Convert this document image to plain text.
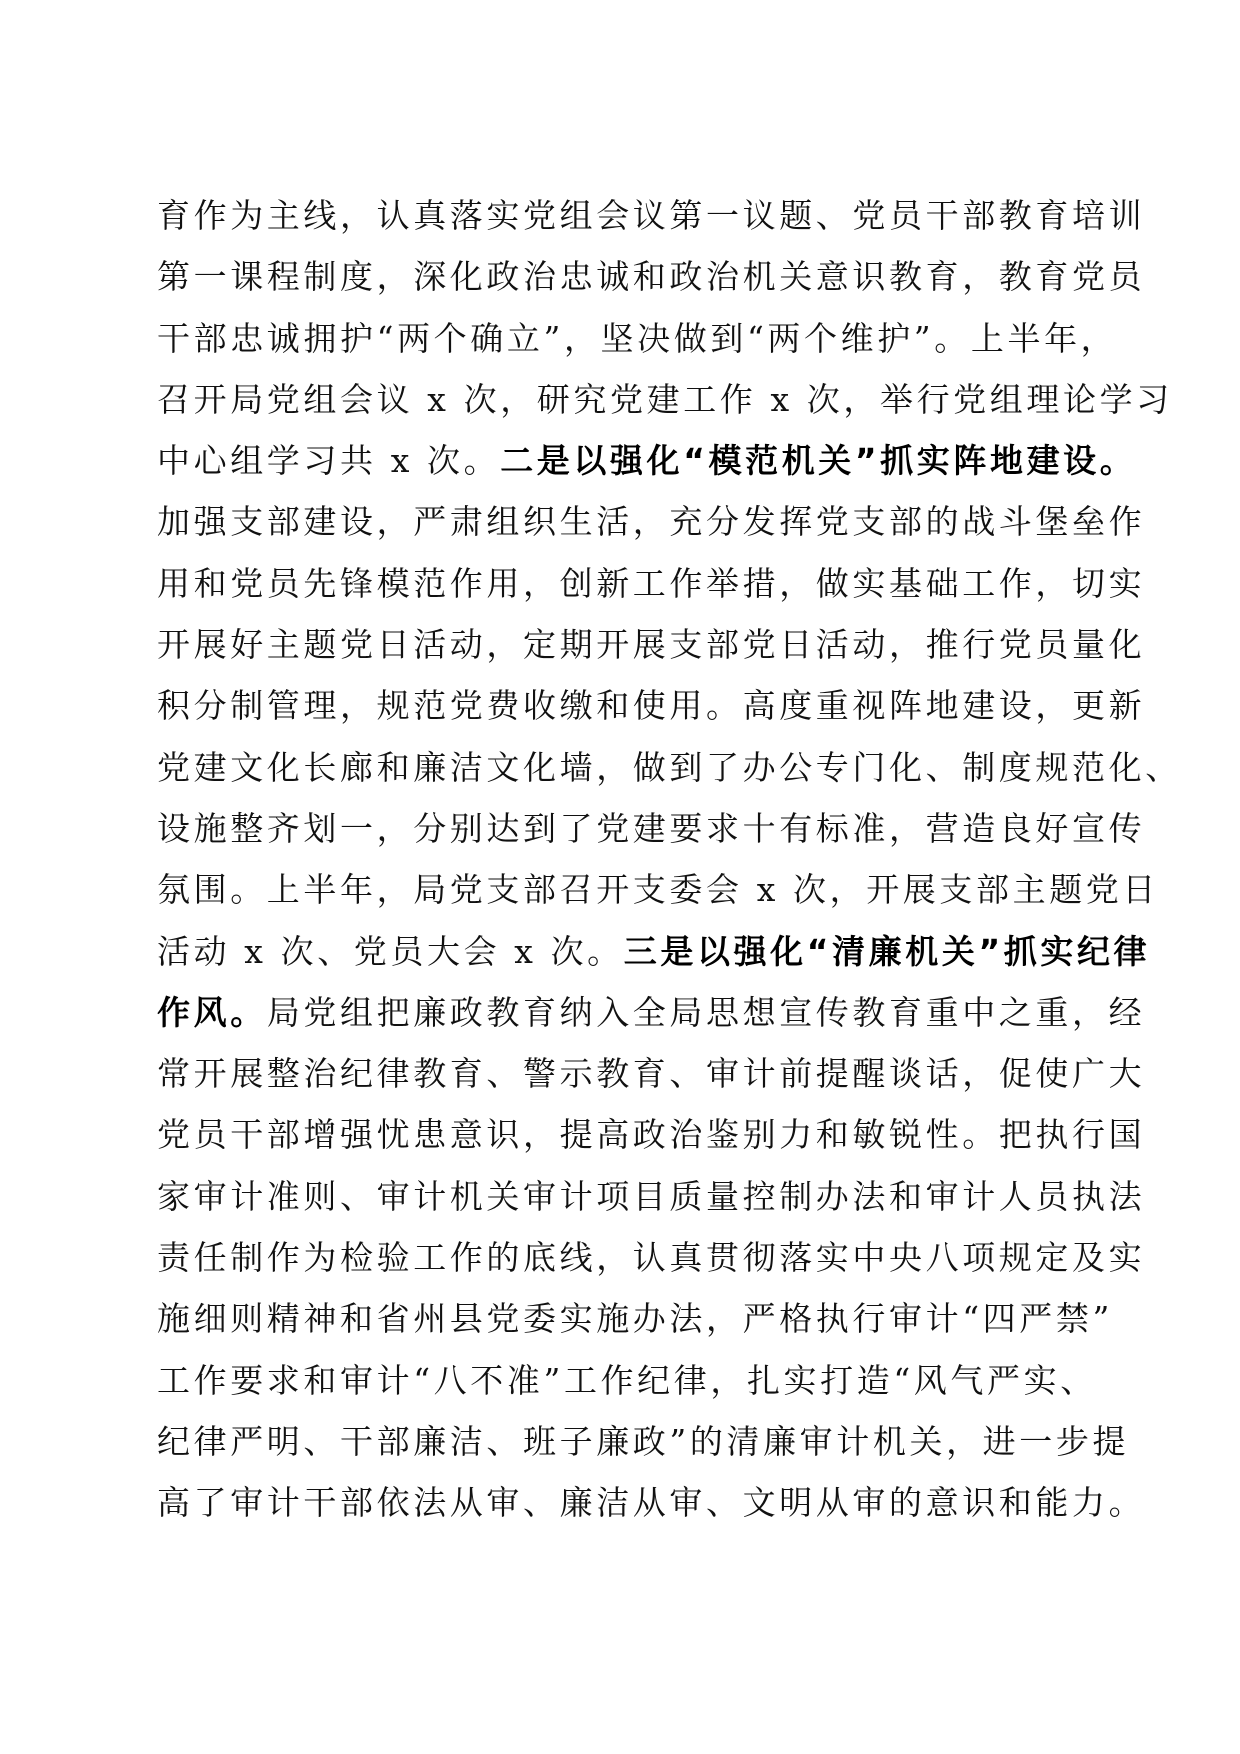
育作为主线，认真落实党组会议第一议题、党员干部教育培训
第一课程制度，深化政治忠诚和政治机关意识教育，教育党员
干部忠诚拥护“两个确立”，坚决做到“两个维护”。上半年，
召开局党组会议 x 次，研究党建工作 x 次，举行党组理论学习
中心组学习共 x 次。二是以强化“模范机关”抓实阵地建设。
加强支部建设，严肃组织生活，充分发挥党支部的战斗堡垒作
用和党员先锋模范作用，创新工作举措，做实基础工作，切实
开展好主题党日活动，定期开展支部党日活动，推行党员量化
积分制管理，规范党费收缴和使用。高度重视阵地建设，更新
党建文化长廊和廉洁文化墙，做到了办公专门化、制度规范化、
设施整齐划一，分别达到了党建要求十有标准，营造良好宣传
氛围。上半年，局党支部召开支委会 x 次，开展支部主题党日
活动 x 次、党员大会 x 次。三是以强化“清廉机关”抓实纪律
作风。局党组把廉政教育纳入全局思想宣传教育重中之重，经
常开展整治纪律教育、警示教育、审计前提醒谈话，促使广大
党员干部增强忧患意识，提高政治鉴别力和敏锐性。把执行国
家审计准则、审计机关审计项目质量控制办法和审计人员执法
责任制作为检验工作的底线，认真贯彻落实中央八项规定及实
施细则精神和省州县党委实施办法，严格执行审计“四严禁”
工作要求和审计“八不准”工作纪律，扎实打造“风气严实、
纪律严明、干部廉洁、班子廉政”的清廉审计机关，进一步提
高了审计干部依法从审、廉洁从审、文明从审的意识和能力。
